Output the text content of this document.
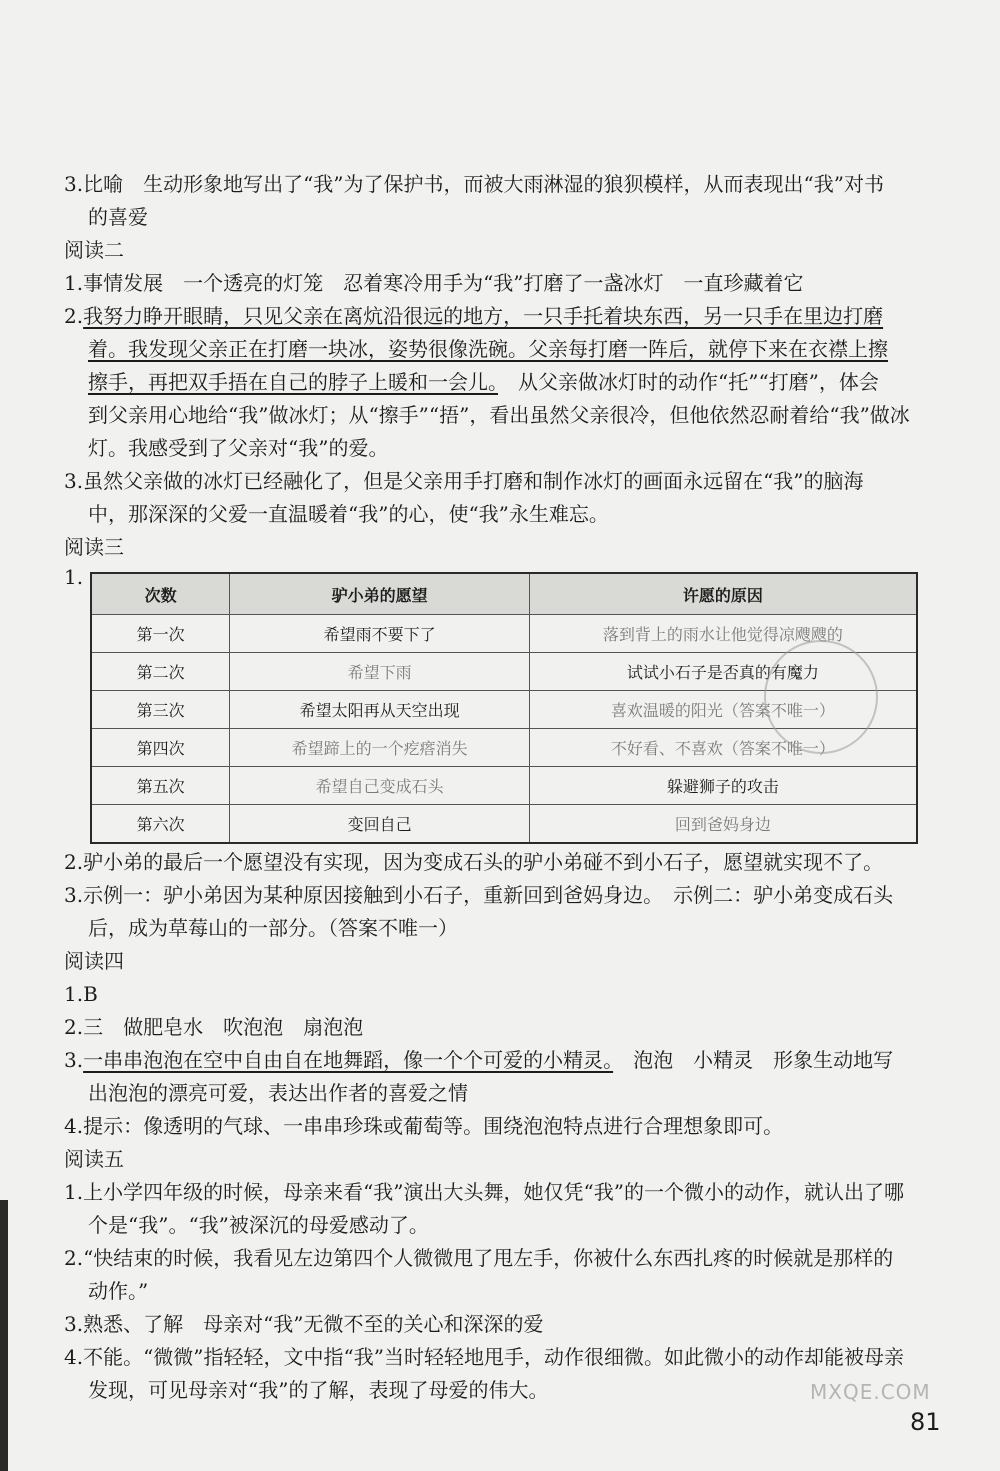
3.比喻　生动形象地写出了“我”为了保护书，而被大雨淋湿的狼狈模样，从而表现出“我”对书
的喜爱
阅读二
1.事情发展　一个透亮的灯笼　忍着寒冷用手为“我”打磨了一盏冰灯　一直珍藏着它
2.我努力睁开眼睛，只见父亲在离炕沿很远的地方，一只手托着块东西，另一只手在里边打磨
着。我发现父亲正在打磨一块冰，姿势很像洗碗。父亲每打磨一阵后，就停下来在衣襟上擦
擦手，再把双手捂在自己的脖子上暖和一会儿。　从父亲做冰灯时的动作“托”“打磨”，体会
到父亲用心地给“我”做冰灯；从“擦手”“捂”，看出虽然父亲很冷，但他依然忍耐着给“我”做冰
灯。我感受到了父亲对“我”的爱。
3.虽然父亲做的冰灯已经融化了，但是父亲用手打磨和制作冰灯的画面永远留在“我”的脑海
中，那深深的父爱一直温暖着“我”的心，使“我”永生难忘。
阅读三
1.
次数	驴小弟的愿望	许愿的原因
第一次	希望雨不要下了	落到背上的雨水让他觉得凉飕飕的
第二次	希望下雨	试试小石子是否真的有魔力
第三次	希望太阳再从天空出现	喜欢温暖的阳光（答案不唯一）
第四次	希望蹄上的一个疙瘩消失	不好看、不喜欢（答案不唯一）
第五次	希望自己变成石头	躲避狮子的攻击
第六次	变回自己	回到爸妈身边
2.驴小弟的最后一个愿望没有实现，因为变成石头的驴小弟碰不到小石子，愿望就实现不了。
3.示例一：驴小弟因为某种原因接触到小石子，重新回到爸妈身边。　示例二：驴小弟变成石头
后，成为草莓山的一部分。（答案不唯一）
阅读四
1.B
2.三　做肥皂水　吹泡泡　扇泡泡
3.一串串泡泡在空中自由自在地舞蹈，像一个个可爱的小精灵。　泡泡　小精灵　形象生动地写
出泡泡的漂亮可爱，表达出作者的喜爱之情
4.提示：像透明的气球、一串串珍珠或葡萄等。围绕泡泡特点进行合理想象即可。
阅读五
1.上小学四年级的时候，母亲来看“我”演出大头舞，她仅凭“我”的一个微小的动作，就认出了哪
个是“我”。“我”被深沉的母爱感动了。
2.“快结束的时候，我看见左边第四个人微微甩了甩左手，你被什么东西扎疼的时候就是那样的
动作。”
3.熟悉、了解　母亲对“我”无微不至的关心和深深的爱
4.不能。“微微”指轻轻，文中指“我”当时轻轻地甩手，动作很细微。如此微小的动作却能被母亲
发现，可见母亲对“我”的了解，表现了母爱的伟大。	MXQE.COM
81
